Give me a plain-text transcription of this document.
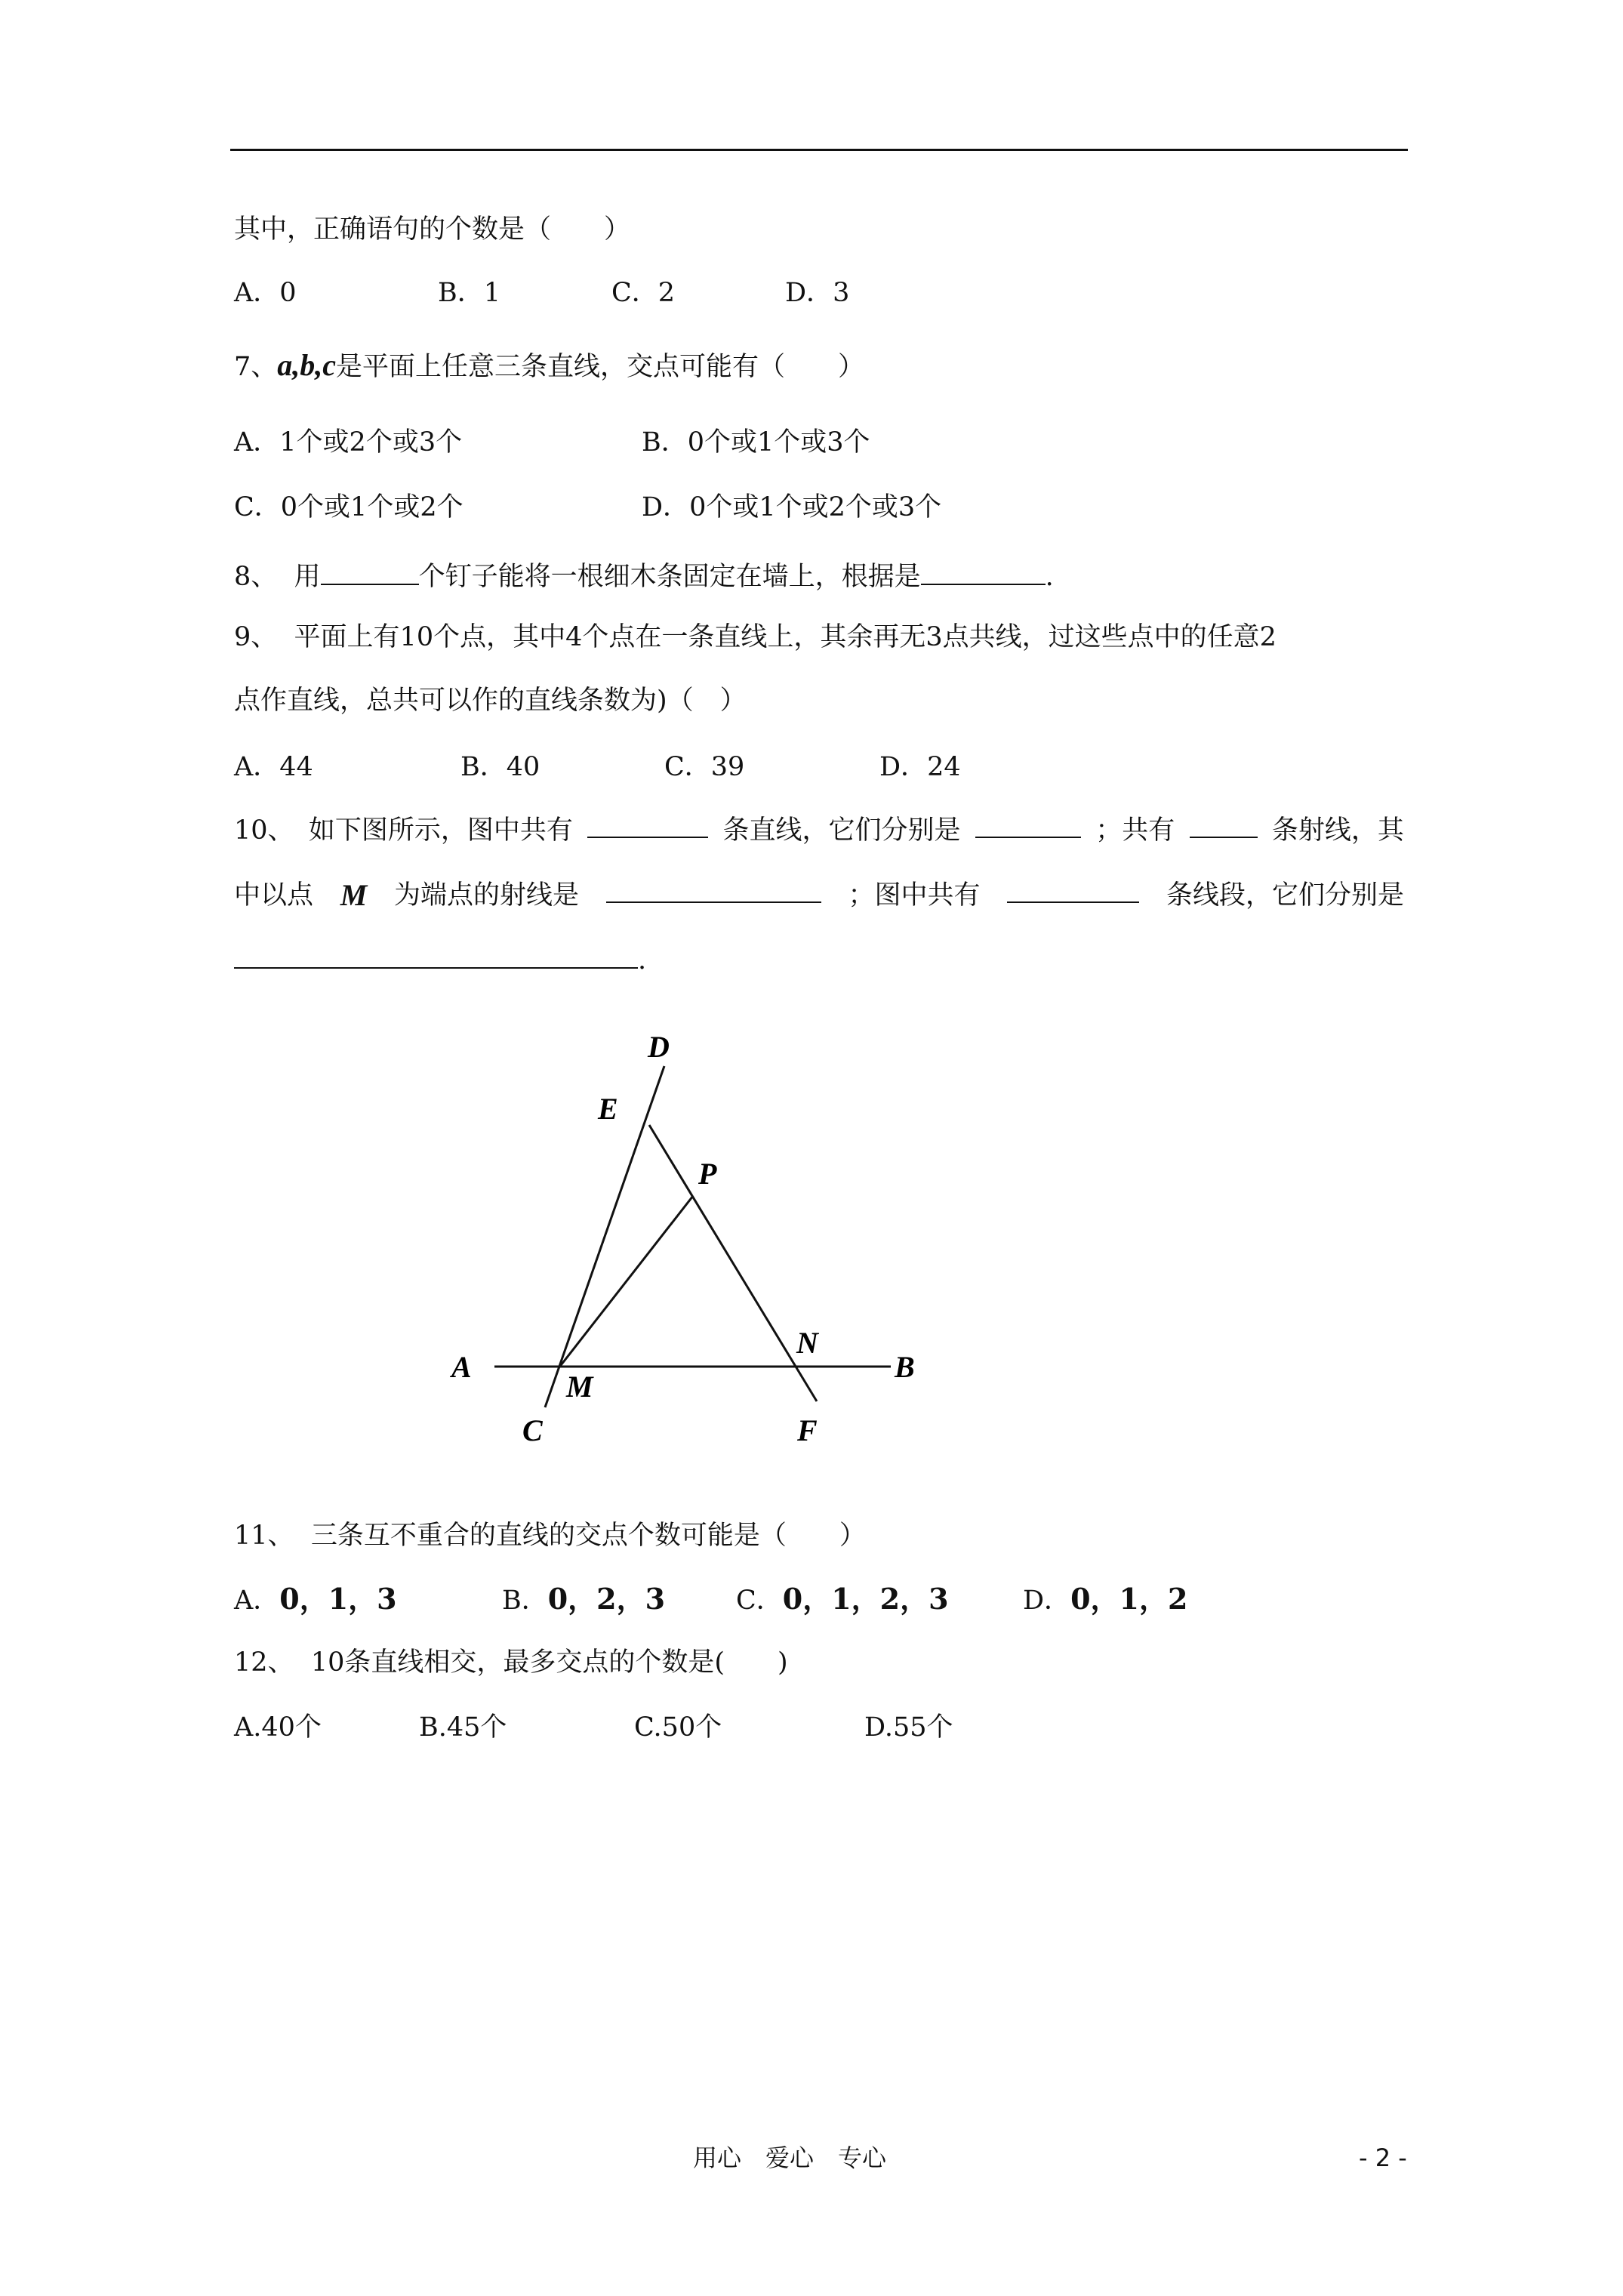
其中，正确语句的个数是（　　）
A．0	B．1	C．2	D．3
7、a,b,c是平面上任意三条直线，交点可能有（　　）
A．1个或2个或3个	B．0个或1个或3个
C．0个或1个或2个	D．0个或1个或2个或3个
8、 用	个钉子能将一根细木条固定在墙上，根据是	.
9、 平面上有10个点，其中4个点在一条直线上，其余再无3点共线，过这些点中的任意2
点作直线，总共可以作的直线条数为)（　）
A．44	B．40	C．39	D．24
10、 如下图所示，图中共有	条直线，它们分别是	；共有	条射线，其
中以点 M 为端点的射线是	；图中共有	条线段，它们分别是
.
D
E
P
N
A	B
M
C	F
11、 三条互不重合的直线的交点个数可能是（　　）
A．0，1，3	B．0，2，3	C．0，1，2，3	D．0，1，2
12、 10条直线相交，最多交点的个数是(　　)
A.40个	B.45个	C.50个	D.55个
用心　爱心　专心	- 2 -
